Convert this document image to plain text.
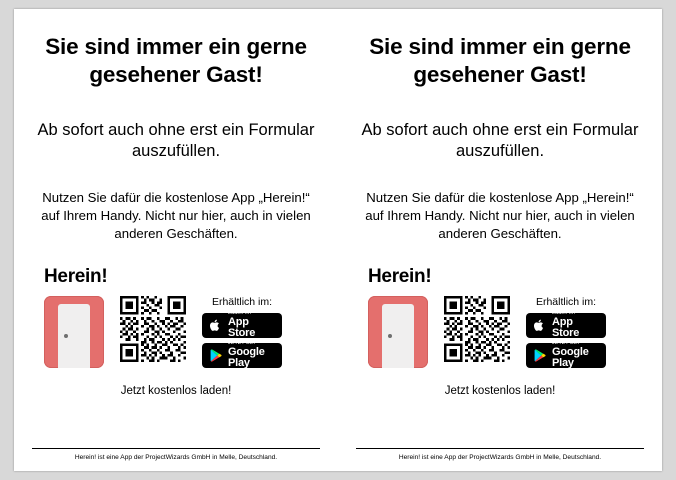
Sie sind immer ein gerne gesehener Gast!
Ab sofort auch ohne erst ein Formular auszufüllen.
Nutzen Sie dafür die kostenlose App „Herein!“ auf Ihrem Handy. Nicht nur hier, auch in vielen anderen Geschäften.
Herein!
Erhältlich im:
Laden im
App Store
JETZT BEI
Google Play
Jetzt kostenlos laden!
Herein! ist eine App der ProjectWizards GmbH in Melle, Deutschland.
Sie sind immer ein gerne gesehener Gast!
Ab sofort auch ohne erst ein Formular auszufüllen.
Nutzen Sie dafür die kostenlose App „Herein!“ auf Ihrem Handy. Nicht nur hier, auch in vielen anderen Geschäften.
Herein!
Erhältlich im:
Laden im
App Store
JETZT BEI
Google Play
Jetzt kostenlos laden!
Herein! ist eine App der ProjectWizards GmbH in Melle, Deutschland.
